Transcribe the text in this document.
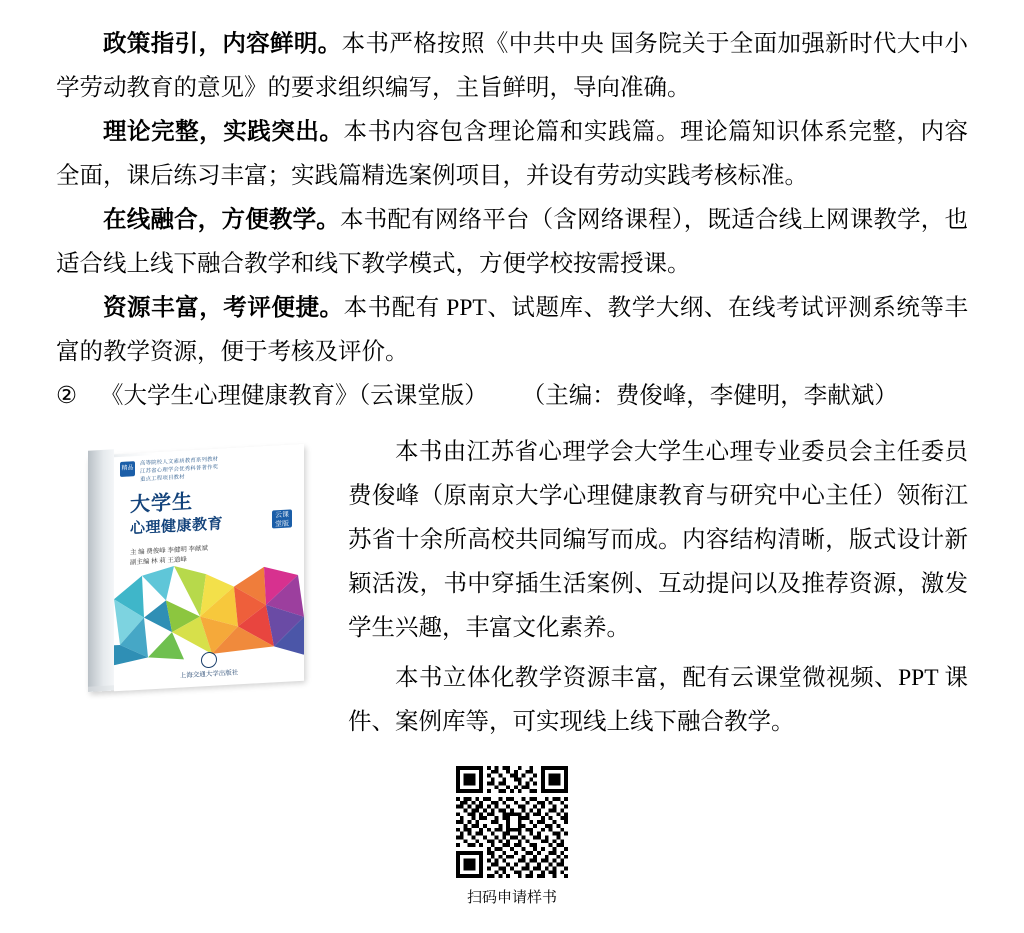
政策指引，内容鲜明。本书严格按照《中共中央 国务院关于全面加强新时代大中小学劳动教育的意见》的要求组织编写，主旨鲜明，导向准确。

理论完整，实践突出。本书内容包含理论篇和实践篇。理论篇知识体系完整，内容全面，课后练习丰富；实践篇精选案例项目，并设有劳动实践考核标准。

在线融合，方便教学。本书配有网络平台（含网络课程），既适合线上网课教学，也适合线上线下融合教学和线下教学模式，方便学校按需授课。

资源丰富，考评便捷。本书配有 PPT、试题库、教学大纲、在线考试评测系统等丰富的教学资源，便于考核及评价。

② 《大学生心理健康教育》（云课堂版） （主编：费俊峰，李健明，李献斌）
精品
高等院校人文素质教育系列教材
江苏省心理学会优秀科普著作奖
重点工程项目教材
大学生
心理健康教育
云课堂版
主 编 费俊峰 李健明 李献斌
副主编 林 莉 王道峰
上海交通大学出版社

本书由江苏省心理学会大学生心理专业委员会主任委员费俊峰（原南京大学心理健康教育与研究中心主任）领衔江苏省十余所高校共同编写而成。内容结构清晰，版式设计新颖活泼，书中穿插生活案例、互动提问以及推荐资源，激发学生兴趣，丰富文化素养。

本书立体化教学资源丰富，配有云课堂微视频、PPT 课件、案例库等，可实现线上线下融合教学。

扫码申请样书
